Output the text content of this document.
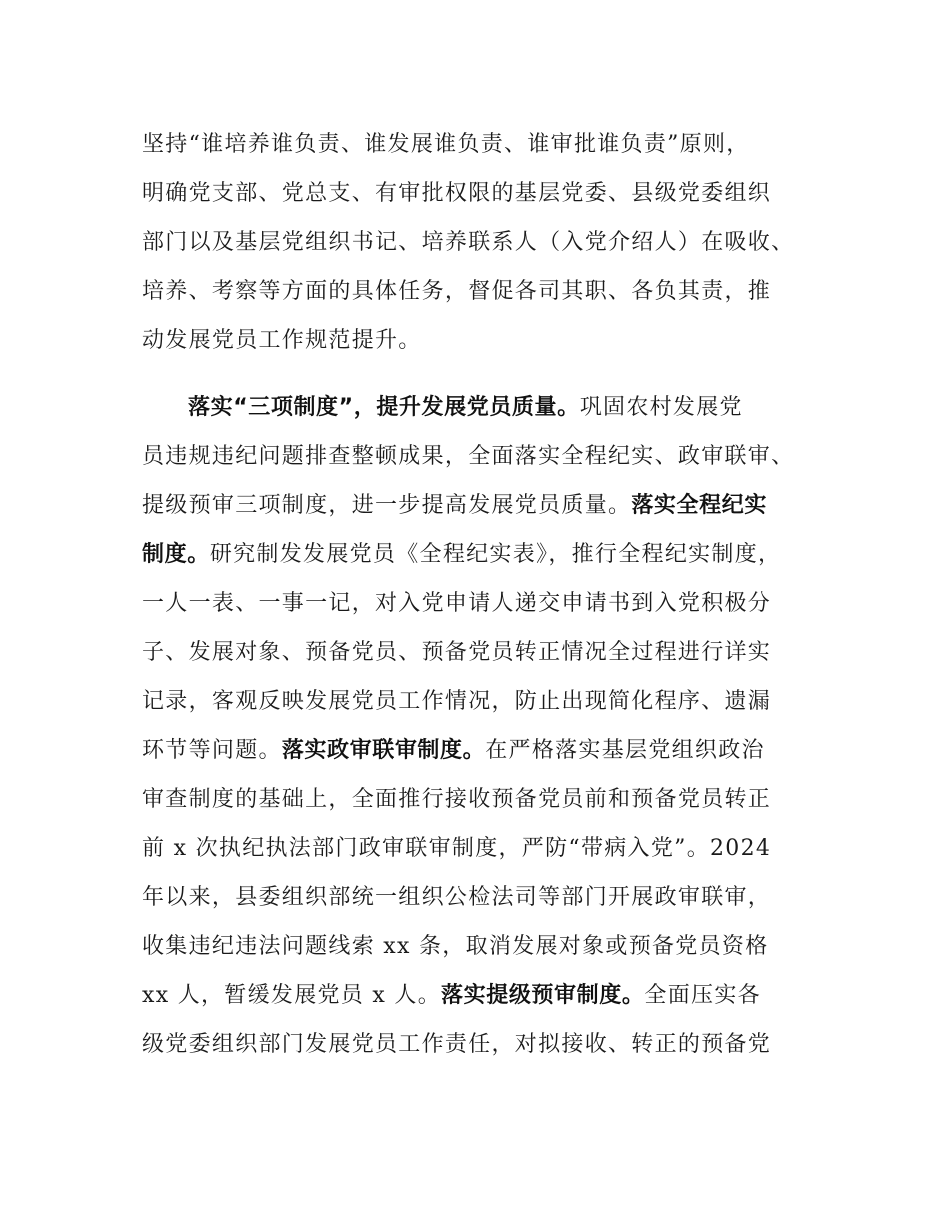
坚持“谁培养谁负责、谁发展谁负责、谁审批谁负责”原则，
明确党支部、党总支、有审批权限的基层党委、县级党委组织
部门以及基层党组织书记、培养联系人（入党介绍人）在吸收、
培养、考察等方面的具体任务，督促各司其职、各负其责，推
动发展党员工作规范提升。
落实“三项制度”，提升发展党员质量。巩固农村发展党
员违规违纪问题排查整顿成果，全面落实全程纪实、政审联审、
提级预审三项制度，进一步提高发展党员质量。落实全程纪实
制度。研究制发发展党员《全程纪实表》，推行全程纪实制度，
一人一表、一事一记，对入党申请人递交申请书到入党积极分
子、发展对象、预备党员、预备党员转正情况全过程进行详实
记录，客观反映发展党员工作情况，防止出现简化程序、遗漏
环节等问题。落实政审联审制度。在严格落实基层党组织政治
审查制度的基础上，全面推行接收预备党员前和预备党员转正
前 x 次执纪执法部门政审联审制度，严防“带病入党”。2024
年以来，县委组织部统一组织公检法司等部门开展政审联审，
收集违纪违法问题线索 xx 条，取消发展对象或预备党员资格
xx 人，暂缓发展党员 x 人。落实提级预审制度。全面压实各
级党委组织部门发展党员工作责任，对拟接收、转正的预备党
